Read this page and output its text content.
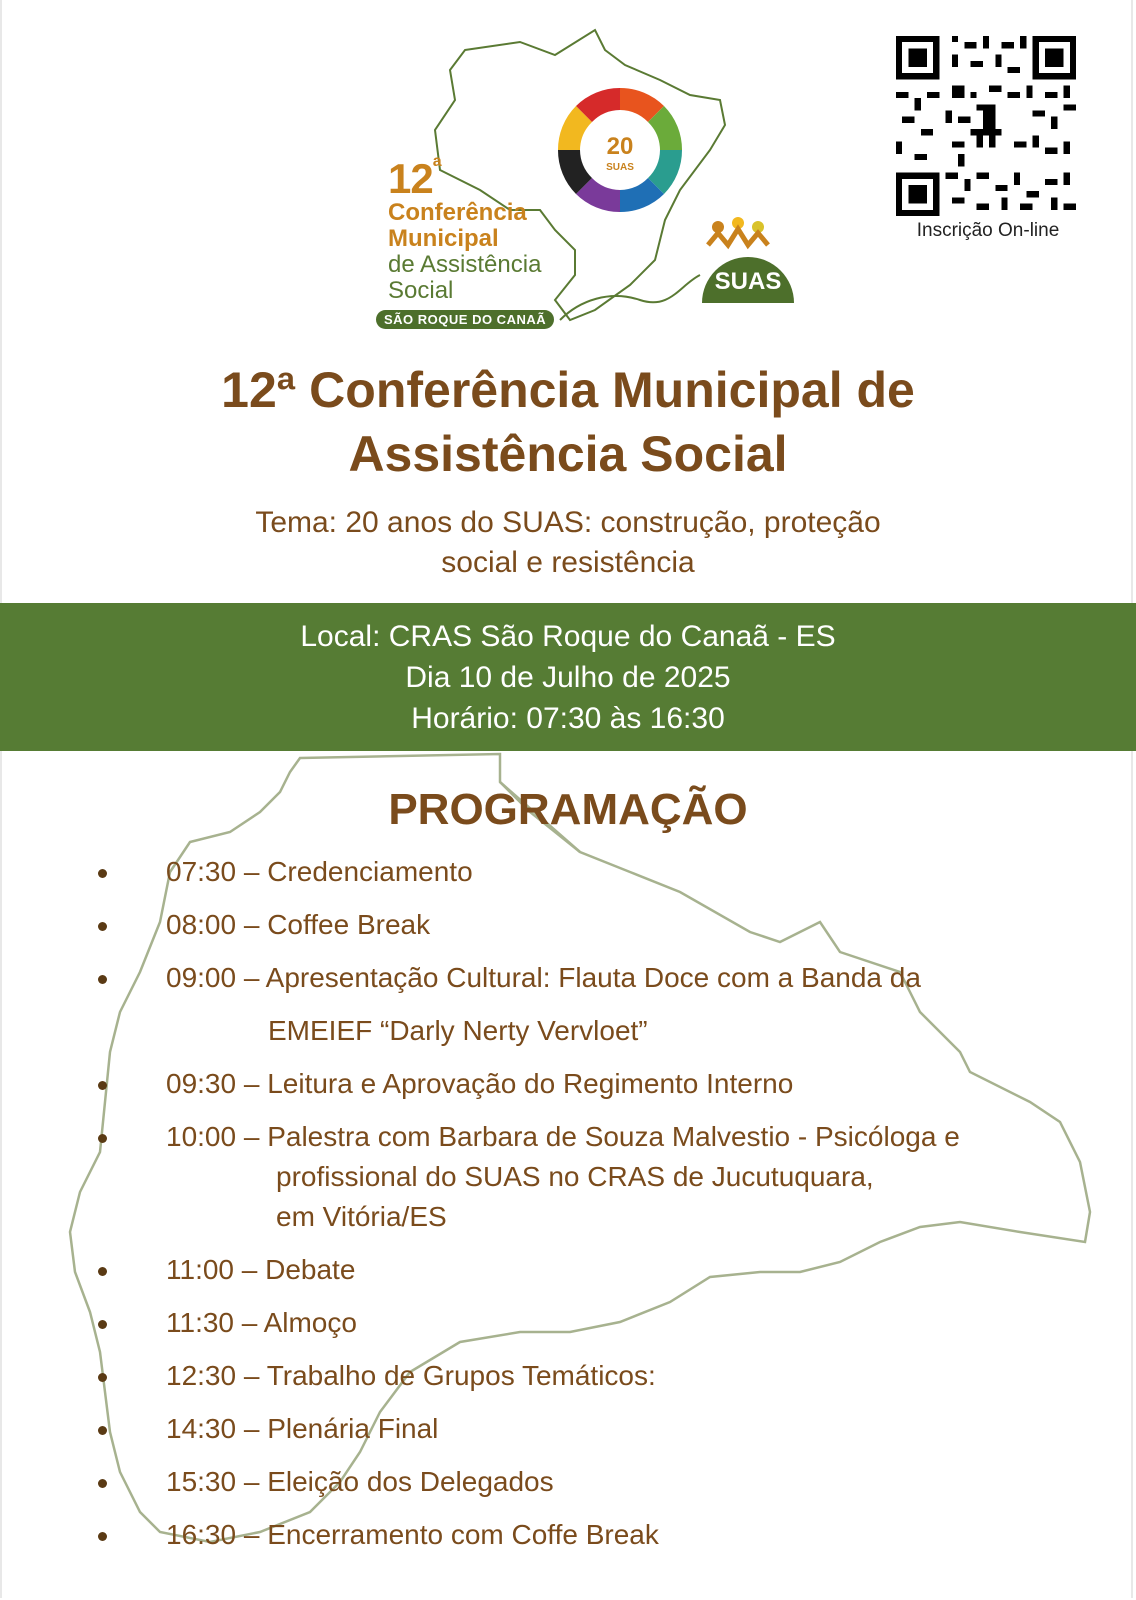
20
SUAS
12$^a$
Conferência
Municipal
de Assistência
Social
SÃO ROQUE DO CANAÃ
SUAS
Inscrição On-line
12ª Conferência Municipal de
Assistência Social
Tema: 20 anos do SUAS: construção, proteção
social e resistência
Local: CRAS São Roque do Canaã - ES
Dia 10 de Julho de 2025
Horário: 07:30 às 16:30
PROGRAMAÇÃO
07:30 – Credenciamento
08:00 – Coffee Break
09:00 – Apresentação Cultural: Flauta Doce com a Banda da
EMEIEF “Darly Nerty Vervloet”
09:30 – Leitura e Aprovação do Regimento Interno
10:00 – Palestra com Barbara de Souza Malvestio - Psicóloga e
profissional do SUAS no CRAS de Jucutuquara,
em Vitória/ES
11:00 – Debate
11:30 – Almoço
12:30 – Trabalho de Grupos Temáticos:
14:30 – Plenária Final
15:30 – Eleição dos Delegados
16:30 – Encerramento com Coffe Break
